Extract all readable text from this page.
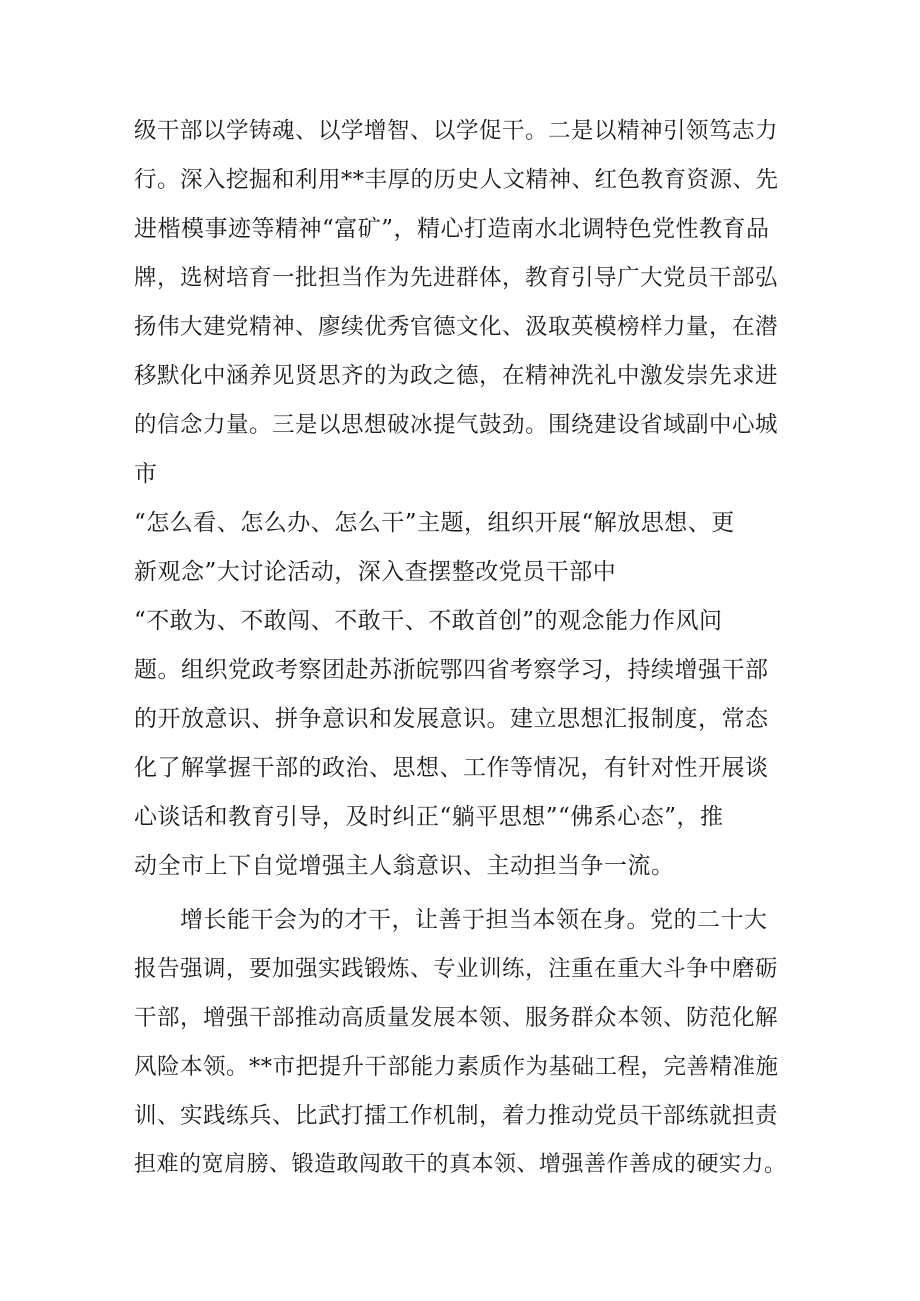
级干部以学铸魂、以学增智、以学促干。二是以精神引领笃志力

行。深入挖掘和利用**丰厚的历史人文精神、红色教育资源、先

进楷模事迹等精神“富矿”，精心打造南水北调特色党性教育品

牌，选树培育一批担当作为先进群体，教育引导广大党员干部弘

扬伟大建党精神、廖续优秀官德文化、汲取英模榜样力量，在潜

移默化中涵养见贤思齐的为政之德，在精神洗礼中激发崇先求进

的信念力量。三是以思想破冰提气鼓劲。围绕建设省域副中心城

市

“怎么看、怎么办、怎么干”主题，组织开展“解放思想、更

新观念”大讨论活动，深入查摆整改党员干部中

“不敢为、不敢闯、不敢干、不敢首创”的观念能力作风问

题。组织党政考察团赴苏浙皖鄂四省考察学习，持续增强干部

的开放意识、拼争意识和发展意识。建立思想汇报制度，常态

化了解掌握干部的政治、思想、工作等情况，有针对性开展谈

心谈话和教育引导，及时纠正“躺平思想”“佛系心态”，推

动全市上下自觉增强主人翁意识、主动担当争一流。

增长能干会为的才干，让善于担当本领在身。党的二十大

报告强调，要加强实践锻炼、专业训练，注重在重大斗争中磨砺

干部，增强干部推动高质量发展本领、服务群众本领、防范化解

风险本领。**市把提升干部能力素质作为基础工程，完善精准施

训、实践练兵、比武打擂工作机制，着力推动党员干部练就担责

担难的宽肩膀、锻造敢闯敢干的真本领、增强善作善成的硬实力。
